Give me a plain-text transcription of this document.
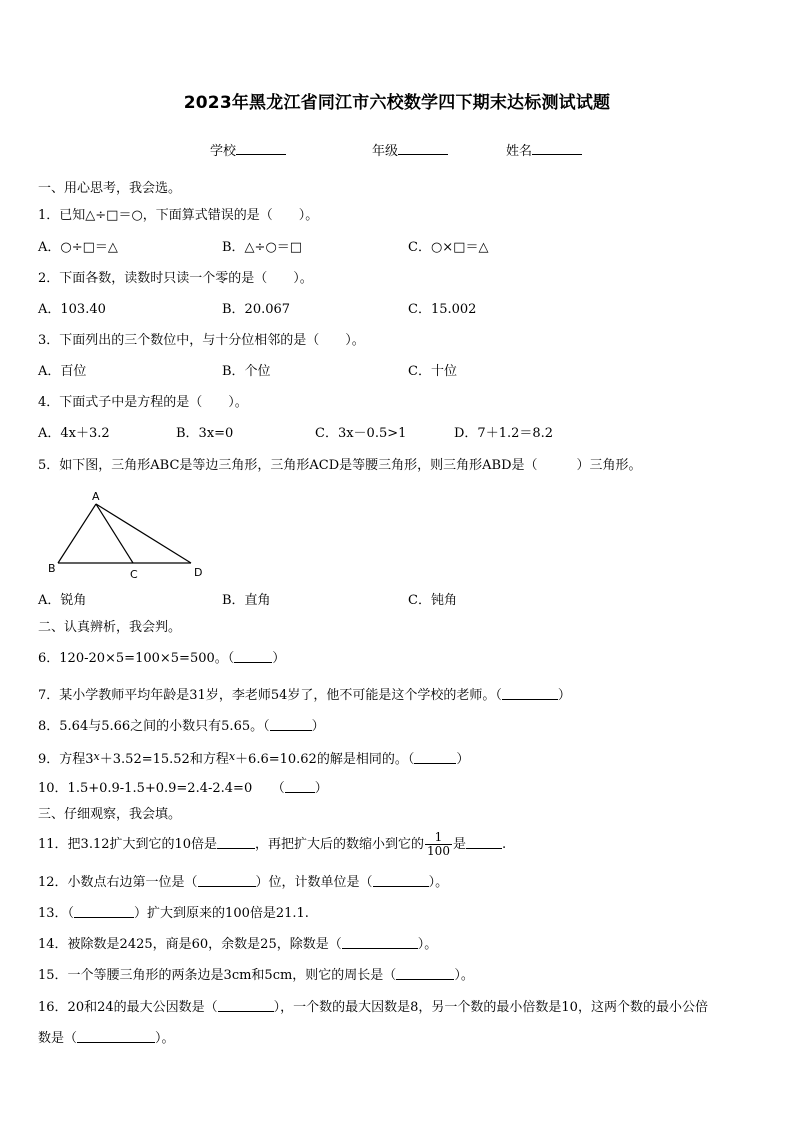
2023年黑龙江省同江市六校数学四下期末达标测试试题
学校	年级	姓名
一、用心思考，我会选。
1．已知△÷□＝○，下面算式错误的是（　　）。
A．○÷□＝△	B．△÷○＝□	C．○×□＝△
2．下面各数，读数时只读一个零的是（　　）。
A．103.40	B．20.067	C．15.002
3．下面列出的三个数位中，与十分位相邻的是（　　）。
A．百位	B．个位	C．十位
4．下面式子中是方程的是（　　）。
A．4x＋3.2	B．3x=0	C．3x－0.5>1	D．7＋1.2＝8.2
5．如下图，三角形ABC是等边三角形，三角形ACD是等腰三角形，则三角形ABD是（　　　）三角形。
A
B	C	D
A．锐角	B．直角	C．钝角
二、认真辨析，我会判。
6．120-20×5=100×5=500。（	）
7．某小学教师平均年龄是31岁，李老师54岁了，他不可能是这个学校的老师。（	）
8．5.64与5.66之间的小数只有5.65。（	）
9．方程$3^x+3.52=15.52$和方程$^x$＋6.6=10.62的解是相同的。（	）
10．1.5+0.9-1.5+0.9=2.4-2.4=0　　（ ）
三、仔细观察，我会填。
11．把3.12扩大到它的10倍是	，再把扩大后的数缩小到它的 $\frac{1}{100}$ 是	.
12．小数点右边第一位是（	）位，计数单位是（	）。
13．（	）扩大到原来的100倍是21.1.
14．被除数是2425，商是60，余数是25，除数是（	）。
15．一个等腰三角形的两条边是3cm和5cm，则它的周长是（	）。
16．20和24的最大公因数是（	），一个数的最大因数是8，另一个数的最小倍数是10，这两个数的最小公倍
数是（	）。
